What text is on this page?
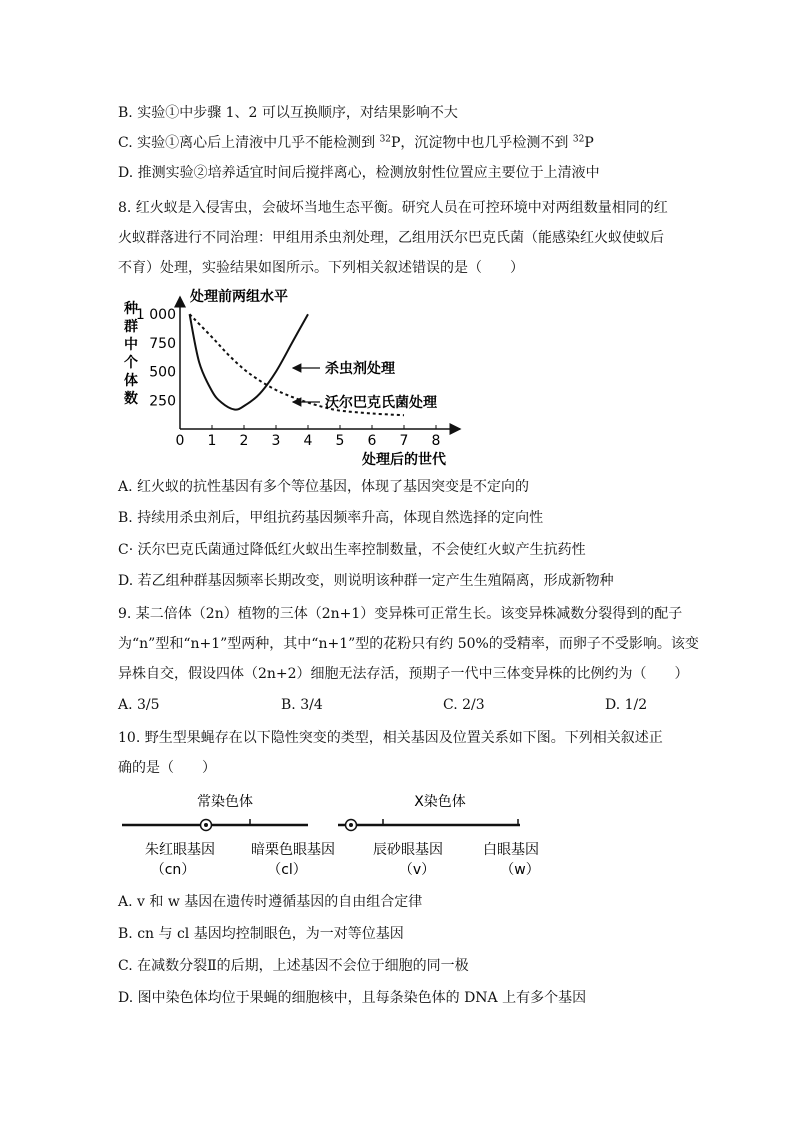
B. 实验①中步骤 1、2 可以互换顺序，对结果影响不大
C. 实验①离心后上清液中几乎不能检测到 $^{32}$P，沉淀物中也几乎检测不到 $^{32}$P
D. 推测实验②培养适宜时间后搅拌离心，检测放射性位置应主要位于上清液中
8. 红火蚁是入侵害虫，会破坏当地生态平衡。研究人员在可控环境中对两组数量相同的红
火蚁群落进行不同治理：甲组用杀虫剂处理，乙组用沃尔巴克氏菌（能感染红火蚁使蚁后
不育）处理，实验结果如图所示。下列相关叙述错误的是（　　）
处理前两组水平
种
群
中
个
体
数 250
500
750
1 000
0 1 2 3 4 5 6 7 8
处理后的世代
杀虫剂处理
沃尔巴克氏菌处理
A. 红火蚁的抗性基因有多个等位基因，体现了基因突变是不定向的
B. 持续用杀虫剂后，甲组抗药基因频率升高，体现自然选择的定向性
C· 沃尔巴克氏菌通过降低红火蚁出生率控制数量，不会使红火蚁产生抗药性
D. 若乙组种群基因频率长期改变，则说明该种群一定产生生殖隔离，形成新物种
9. 某二倍体（2n）植物的三体（2n+1）变异株可正常生长。该变异株减数分裂得到的配子
为“n”型和“n+1”型两种，其中“n+1”型的花粉只有约 50%的受精率，而卵子不受影响。该变
异株自交，假设四体（2n+2）细胞无法存活，预期子一代中三体变异株的比例约为（　　）
A. 3/5	B. 3/4	C. 2/3	D. 1/2
10. 野生型果蝇存在以下隐性突变的类型，相关基因及位置关系如下图。下列相关叙述正
确的是（　　）
常染色体	X染色体
朱红眼基因
（cn）
暗栗色眼基因
（cl）
辰砂眼基因
（v）
白眼基因
（w）
A. v 和 w 基因在遗传时遵循基因的自由组合定律
B. cn 与 cl 基因均控制眼色，为一对等位基因
C. 在减数分裂Ⅱ的后期，上述基因不会位于细胞的同一极
D. 图中染色体均位于果蝇的细胞核中，且每条染色体的 DNA 上有多个基因
